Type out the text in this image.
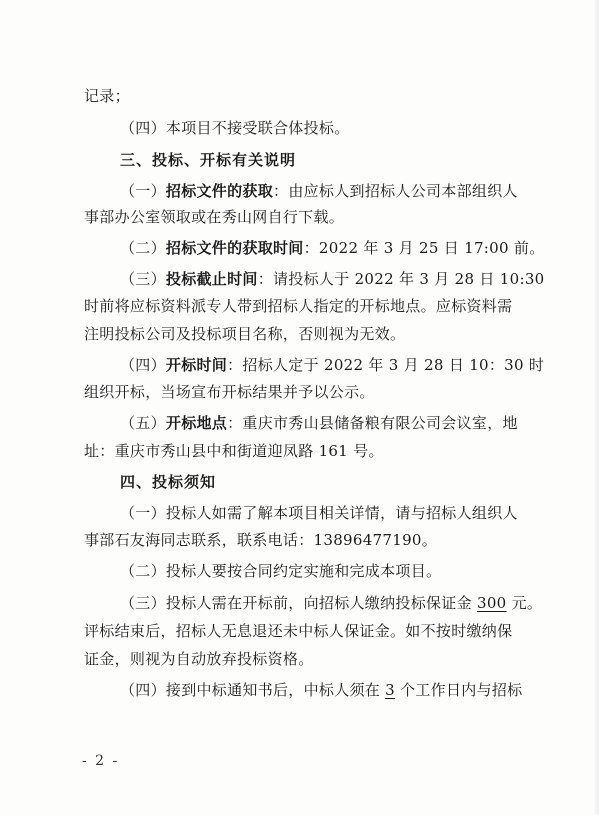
记录；
（四）本项目不接受联合体投标。
三、投标、开标有关说明
（一）招标文件的获取：由应标人到招标人公司本部组织人
事部办公室领取或在秀山网自行下载。
（二）招标文件的获取时间：2022 年 3 月 25 日 17:00 前。
（三）投标截止时间：请投标人于 2022 年 3 月 28 日 10:30
时前将应标资料派专人带到招标人指定的开标地点。应标资料需
注明投标公司及投标项目名称，否则视为无效。
（四）开标时间：招标人定于 2022 年 3 月 28 日 10：30 时
组织开标，当场宣布开标结果并予以公示。
（五）开标地点：重庆市秀山县储备粮有限公司会议室，地
址：重庆市秀山县中和街道迎凤路 161 号。
四、投标须知
（一）投标人如需了解本项目相关详情，请与招标人组织人
事部石友海同志联系，联系电话：13896477190。
（二）投标人要按合同约定实施和完成本项目。
（三）投标人需在开标前，向招标人缴纳投标保证金 300 元。
评标结束后，招标人无息退还未中标人保证金。如不按时缴纳保
证金，则视为自动放弃投标资格。
（四）接到中标通知书后，中标人须在 3 个工作日内与招标
- 2 -
